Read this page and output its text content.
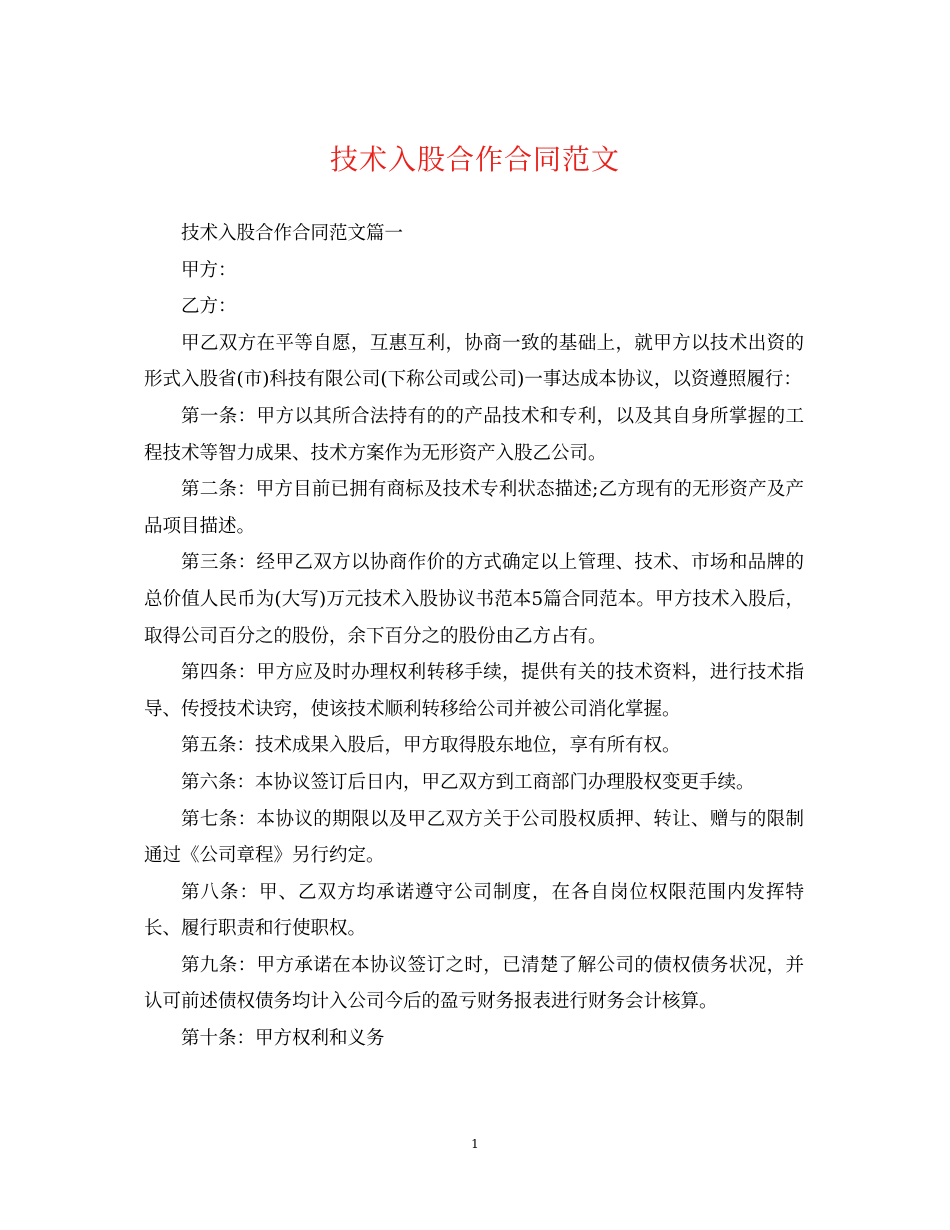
技术入股合作合同范文

技术入股合作合同范文篇一

甲方：

乙方：

甲乙双方在平等自愿，互惠互利，协商一致的基础上，就甲方以技术出资的形式入股省(市)科技有限公司(下称公司或公司)一事达成本协议，以资遵照履行：

第一条：甲方以其所合法持有的的产品技术和专利，以及其自身所掌握的工程技术等智力成果、技术方案作为无形资产入股乙公司。

第二条：甲方目前已拥有商标及技术专利状态描述;乙方现有的无形资产及产品项目描述。

第三条：经甲乙双方以协商作价的方式确定以上管理、技术、市场和品牌的总价值人民币为(大写)万元技术入股协议书范本5篇合同范本。甲方技术入股后，取得公司百分之的股份，余下百分之的股份由乙方占有。

第四条：甲方应及时办理权利转移手续，提供有关的技术资料，进行技术指导、传授技术诀窍，使该技术顺利转移给公司并被公司消化掌握。

第五条：技术成果入股后，甲方取得股东地位，享有所有权。

第六条：本协议签订后日内，甲乙双方到工商部门办理股权变更手续。

第七条：本协议的期限以及甲乙双方关于公司股权质押、转让、赠与的限制通过《公司章程》另行约定。

第八条：甲、乙双方均承诺遵守公司制度，在各自岗位权限范围内发挥特长、履行职责和行使职权。

第九条：甲方承诺在本协议签订之时，已清楚了解公司的债权债务状况，并认可前述债权债务均计入公司今后的盈亏财务报表进行财务会计核算。

第十条：甲方权利和义务

1
